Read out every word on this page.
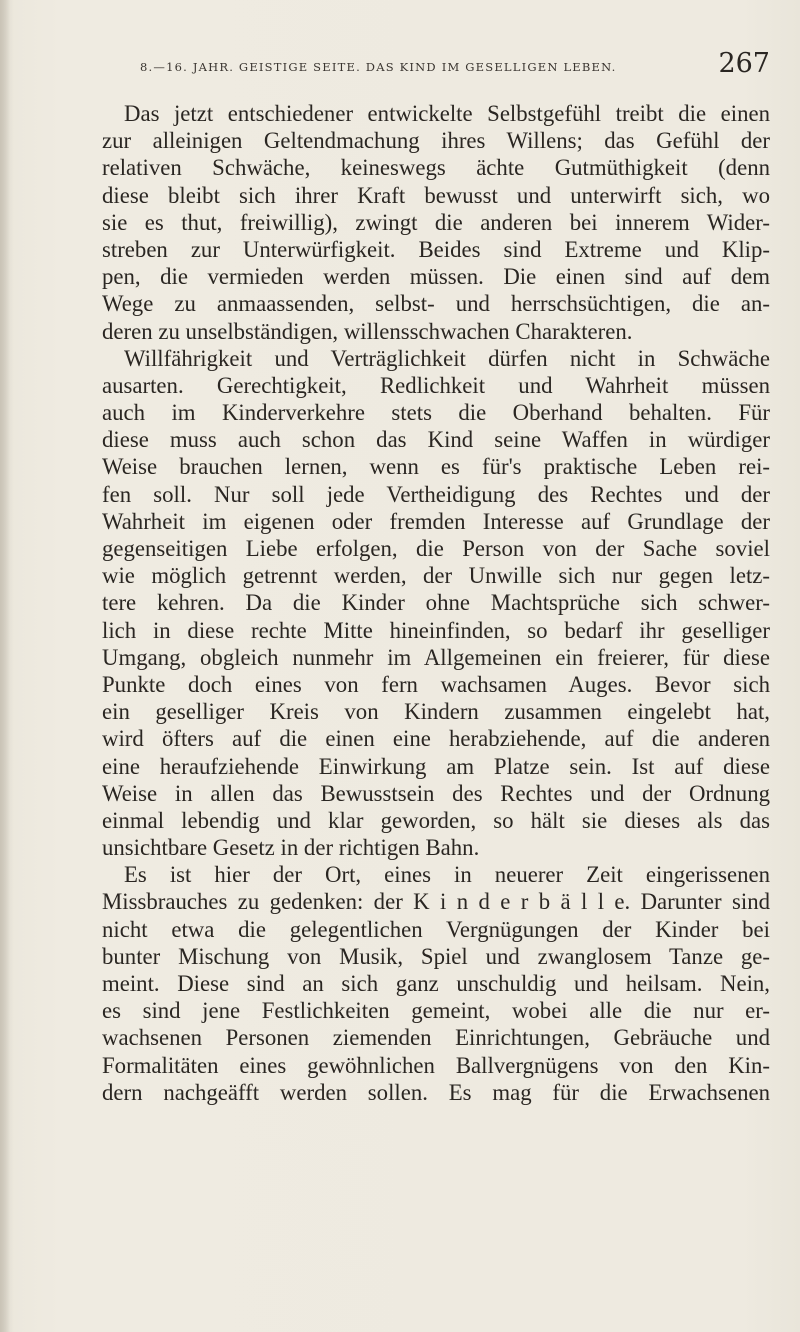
8.—16. JAHR. GEISTIGE SEITE. DAS KIND IM GESELLIGEN LEBEN.	267
Das jetzt entschiedener entwickelte Selbstgefühl treibt die einen
zur alleinigen Geltendmachung ihres Willens; das Gefühl der
relativen Schwäche, keineswegs ächte Gutmüthigkeit (denn
diese bleibt sich ihrer Kraft bewusst und unterwirft sich, wo
sie es thut, freiwillig), zwingt die anderen bei innerem Wider-
streben zur Unterwürfigkeit. Beides sind Extreme und Klip-
pen, die vermieden werden müssen. Die einen sind auf dem
Wege zu anmaassenden, selbst- und herrschsüchtigen, die an-
deren zu unselbständigen, willensschwachen Charakteren.
Willfährigkeit und Verträglichkeit dürfen nicht in Schwäche
ausarten. Gerechtigkeit, Redlichkeit und Wahrheit müssen
auch im Kinderverkehre stets die Oberhand behalten. Für
diese muss auch schon das Kind seine Waffen in würdiger
Weise brauchen lernen, wenn es für's praktische Leben rei-
fen soll. Nur soll jede Vertheidigung des Rechtes und der
Wahrheit im eigenen oder fremden Interesse auf Grundlage der
gegenseitigen Liebe erfolgen, die Person von der Sache soviel
wie möglich getrennt werden, der Unwille sich nur gegen letz-
tere kehren. Da die Kinder ohne Machtsprüche sich schwer-
lich in diese rechte Mitte hineinfinden, so bedarf ihr geselliger
Umgang, obgleich nunmehr im Allgemeinen ein freierer, für diese
Punkte doch eines von fern wachsamen Auges. Bevor sich
ein geselliger Kreis von Kindern zusammen eingelebt hat,
wird öfters auf die einen eine herabziehende, auf die anderen
eine heraufziehende Einwirkung am Platze sein. Ist auf diese
Weise in allen das Bewusstsein des Rechtes und der Ordnung
einmal lebendig und klar geworden, so hält sie dieses als das
unsichtbare Gesetz in der richtigen Bahn.
Es ist hier der Ort, eines in neuerer Zeit eingerissenen
Missbrauches zu gedenken: der K i n d e r b ä l l e. Darunter sind
nicht etwa die gelegentlichen Vergnügungen der Kinder bei
bunter Mischung von Musik, Spiel und zwanglosem Tanze ge-
meint. Diese sind an sich ganz unschuldig und heilsam. Nein,
es sind jene Festlichkeiten gemeint, wobei alle die nur er-
wachsenen Personen ziemenden Einrichtungen, Gebräuche und
Formalitäten eines gewöhnlichen Ballvergnügens von den Kin-
dern nachgeäfft werden sollen. Es mag für die Erwachsenen
